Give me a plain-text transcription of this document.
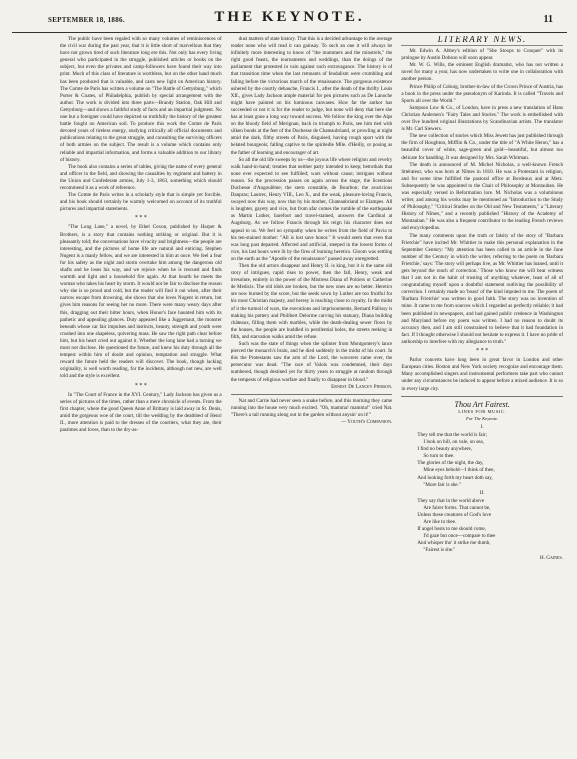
SEPTEMBER 18, 1886.	THE KEYNOTE.	11

The public have been regaled with so many volumes of reminiscences of the civil war during the past year, that it is little short of marvellous that they have not grown tired of such literature long ere this. Not only has every living general who participated in the struggle, published articles or books on the subject, but even the privates and camp-followers have found their way into print. Much of this class of literature is worthless, but on the other hand much has been produced that is valuable, and casts new light on American history. The Comte de Paris has written a volume on "The Battle of Gettysburg," which Porter & Coates, of Philadelphia, publish by special arrangement with the author. The work is divided into three parts—Brandy Station, Oak Hill and Gettysburg—and shows a faithful study of facts and an impartial judgment. No one but a foreigner could have depicted so truthfully the history of the greatest battle fought on American soil. To produce this work the Comte de Paris devoted years of tireless energy, studying critically all official documents and publications relating to the great struggle, and consulting the surviving officers of both armies on the subject. The result is a volume which contains only reliable and impartial information, and forms a valuable addition to our library of history.

The book also contains a series of tables, giving the name of every general and officer in the field, and showing the casualties by regiment and battery in the Union and Confederate armies, July 1-3, 1863, something which should recommend it as a work of reference.

The Comte de Paris writes in a scholarly style that is simple yet forcible, and his book should certainly be warmly welcomed on account of its truthful pictures and impartial statements.

* * *

"The Long Lane," a novel, by Ethel Coxon, published by Harper & Brothers, is a story that contains nothing striking or original. But it is pleasantly told; the conversations have vivacity and brightness—the people are interesting, and the pictures of home life are natural and enticing. Stephen Nugent is a manly fellow, and we are interested in him at once. We feel a fear for his safety as the night and storm overtake him among the dangerous old shafts and he loses his way, and we rejoice when he is rescued and finds warmth and light and a household fire again. At that hearth he meets the woman who takes his heart by storm. It would not be fair to disclose the reason why she is so proud and cold, but the reader will find it out when, after their narrow escape from drowning, she shows that she loves Nugent in return, but gives him reasons for seeing her no more. There were many weary days after this, dragging out their bitter hours, when Honor's face haunted him with its pathetic and appealing glances. Duty appeared like a Juggernaut, the monster beneath whose car fair impulses and instincts, beauty, strength and youth were crushed into one shapeless, quivering mass. He saw the right path clear before him, but his heart cried out against it. Whether the long lane had a turning we must not disclose. He questioned the future, and knew his duty through all the tempest within him of doubt and opinion, temptation and struggle. What reward the future held the readers will discover. The book, though lacking originality, is well worth reading, for the incidents, although not new, are well told and the style is excellent.

* * *

In "The Court of France in the XVI. Century," Lady Jackson has given us a series of pictures of the times, rather than a mere chronicle of events. From the first chapter, where the good Queen Anne of Brittany is laid away in St. Denis, amid the gorgeous woe of the court, till the wedding by the deathbed of Henri II., more attention is paid to the dresses of the courtiers, what they ate, their pastimes and loves, than to the dry-as-

dust matters of state history. That this is a decided advantage to the average reader none who will read it can gainsay. To such an one it will always be infinitely more interesting to know of "the mummers and the minstrels," the right good feasts, the tournaments and weddings, than the doings of the parliament that protested in vain against such extravagance. The history is of that transition time when the last remnants of feudalism were crumbling and falling before the victorious march of the renaissance. The gorgeous existence ushered by the courtly debauche, Francis I., after the death of the thrifty Louis XII., gives Lady Jackson ample material for pen pictures such as De Lanoche might have painted on his luminous canvases. How far the author has succeeded or not it is for the reader to judge, but none will deny that here she has at least gone a long way toward success. We follow the king over the Alps on the bloody field of Merignan, back in triumph to Paris, see him tied with silken bonds at the feet of the Duchesse de Chateaubriand, or prowling at night amid the dark, filthy streets of Paris, disguised, having rough sport with the belated bourgeois; falling captive to the spiritedle Mlle. d'Heilly, or posing as the father of learning and encourager of art.

So all the old life sweeps by us—the joyous life where religion and revelry walk hand-in-hand; treaties that neither party intended to keep; betrothals that none ever expected to see fulfilled; wars without cause; intrigues without reason. So the procession passes on again across the stage, the licentious Duchesse d'Angoulême; the stern constable, de Bourbon; the avaricious Danpras; Lautrec, Henry VIII., Leo X., and the weak, pleasure-loving Francis, swayed now this way, now that by his mother, Chateaubriand or Elampes. All is laughter, gayety and vice, but from afar comes the rumble of the earthquake as Martin Luther, barefoot and travel-stained, answers the Cardinal at Augsburg. As we follow Francis through his reign his character does not appeal to us. We feel no sympathy when he writes from the field of Pavia to his ten-stained mother: "All is lost save honor." It would seem that even that was long past departed. Affected and artificial, steeped in the lowest forms of vice, his last hours were lit by the fires of burning heretics. Gloom was settling on the earth as the "Apostle of the renaissance" passed away unregretted.

Then the old actors disappear and Henry II. is king, but it is the same old story of intrigues, rapid rises to power, then the fall, Henry, weak and irresolute, entirely in the power of the Mistress Diana of Poitiers or Catherine de Medicis. The old idols are broken, but the new ones are no better. Heretics are now burned by the score, but the seeds sown by Luther are too fruitful for his most Christian majesty, and heresy is reaching close to royalty. In the midst of it the turmoil of wars, the executions and imprisonments, Bernard Pallissy is making his pottery and Philibert Delorme carving his statuary, Diana building châteaux, filling them with marbles, while the death-dealing sewer flows by the houses, the people are huddled in pestilential holes, the streets reeking in filth, and starvation walks amid the refuse.

Such was the state of things when the splinter from Montgomery's lance pierced the monarch's brain, and he died suddenly in the midst of his court. In this the Protestants saw the arm of the Lord, the waverers came over, the persecutor was dead. "The race of Valois was condemned, their days numbered, though destined yet for thirty years to struggle at random through the tempests of religious warfare and finally to disappear in blood."

Ernest De Lancey Pierson.

Nat and Carrie had never seen a snake before, and this morning they came running into the house very much excited. "Oh, mamma! mamma!" cried Nat. "There's a tail running along out in the garden without anysin' on it!"

— Youth's Companion.
LITERARY NEWS.

Mr. Edwin A. Abbey's edition of "She Stoops to Conquer" with its prologue by Austin Dobson will soon appear.

Mr. W. G. Wills, the eminent English dramatist, who has not written a novel for many a year, has now undertaken to write one in collaboration with another person.

Prince Philip of Coburg, brother-in-law of the Crown Prince of Austria, has a book in the press under the pseudonym of Karinda. It is called "Travels and Sports all over the World."

Sampson Low & Co., of London, have in press a new translation of Hans Christian Andersen's "Fairy Tales and Stories." The work is embellished with over five hundred original illustrations by Scandinavian artists. The translator is Mr. Carl Siewers.

The new collection of stories which Miss Jewett has just published through the firm of Houghton, Mifflin & Co., under the title of "A White Heron," has a beautiful cover of white, sage-green and gold—beautiful, but almost too delicate for handling. It was designed by Mrs. Sarah Whitman.

The death is announced of M. Michel Nicholas, a well-known French littérateur, who was born at Nîmes in 1810. He was a Protestant in religion, and for some time fulfilled the pastoral office at Bordeaux and at Metz. Subsequently he was appointed to the Chair of Philosophy at Montauban. He was especially versed in Reformation lore. M. Nicholas was a voluminous writer, and among his works may be mentioned an "Introduction to the Study of Philosophy," "Critical Studies on the Old and New Testaments," a "Literary History of Nîmes," and a recently published "History of the Academy of Montauban." He was also a frequent contributor to the leading French reviews and encyclopedias.

The many comments upon the truth or falsity of the story of "Barbara Frietchie" have incited Mr. Whittier to make this personal explanation in the September Century: "My attention has been called to an article in the June number of the Century in which the writer, referring to the poem on 'Barbara Frietchie,' says: 'The story will perhaps live, as Mr. Whittier has loaned, until it gets beyond the reach of correction.' Those who know me will bear witness that I am not in the habit of trusting of anything whatever, least of all of congratulating myself upon a doubtful statement outliving the possibility of correction. I certainly made no 'boast' of the kind imputed to me. The poem of 'Barbara Frietchie' was written in good faith. The story was no invention of mine. It came to me from sources which I regarded as perfectly reliable; it had been published in newspapers, and had gained public credence in Washington and Maryland before my poem was written. I had no reason to doubt its accuracy then, and I am still constrained to believe that it had foundation in fact. If I thought otherwise I should not hesitate to express it. I have no pride of authorship to interfere with my allegiance to truth."

* * *

Parlor concerts have long been in great favor in London and other European cities. Boston and New York society recognize and encourage them. Many accomplished singers and instrumental performers take part who cannot under any circumstances be induced to appear before a mixed audience. It is so in every large city.

Thou Art Fairest.
LINES FOR MUSIC.
For The Keynote.
I.

They tell me that the world is fair;

I look on hill, on vale, on sea,

I find no beauty anywhere,

So turn to thee.

The glories of the night, the day,

Mine eyes behold—I think of thee,

And looking forth my heart doth say,

"More fair is she."

II.

They say that in the world above

Are fairer forms. That cannot be,

Unless these creatures of God's love

Are like to thee.

If angel hosts to me should come,

I'd gaze but once—compare to thee

And whisper tho' it strike me dumb,

"Fairest is she."

H. Gaines.
